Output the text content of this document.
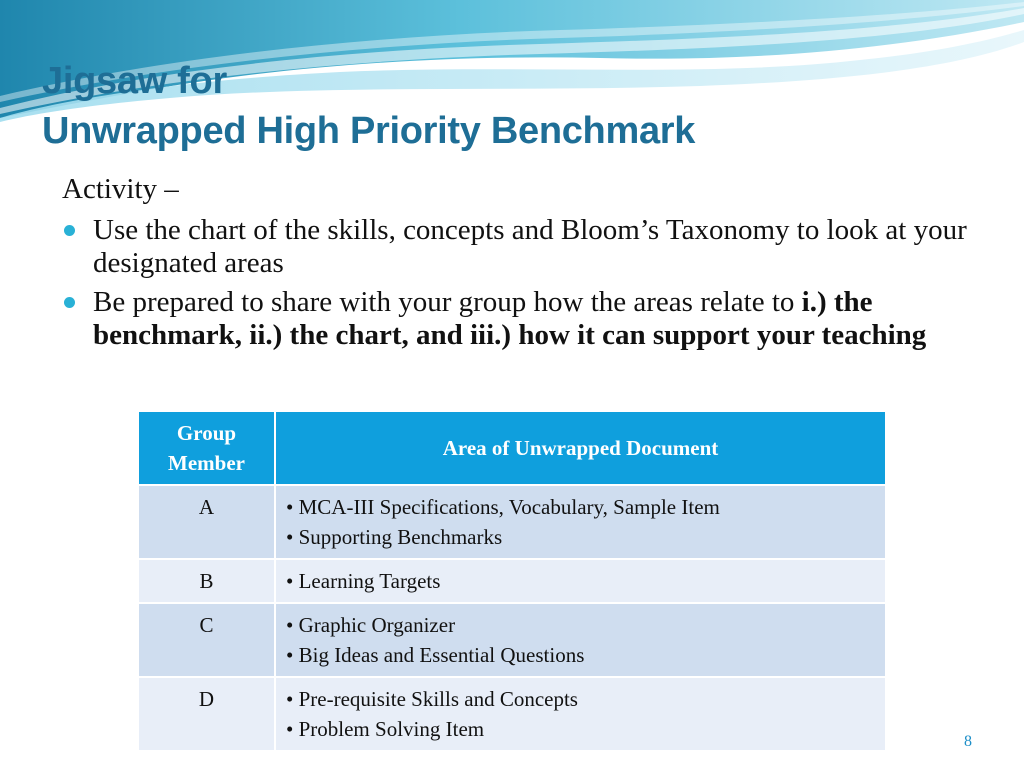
Jigsaw for
Unwrapped High Priority Benchmark
Activity –
Use the chart of the skills, concepts and Bloom’s Taxonomy to look at your designated areas
Be prepared to share with your group how the areas relate to i.) the benchmark, ii.) the chart, and iii.) how it can support your teaching
Group Member	Area of Unwrapped Document
A	• MCA-III Specifications, Vocabulary, Sample Item
• Supporting Benchmarks

B	• Learning Targets

C	• Graphic Organizer
• Big Ideas and Essential Questions

D	• Pre-requisite Skills and Concepts
• Problem Solving Item
8
